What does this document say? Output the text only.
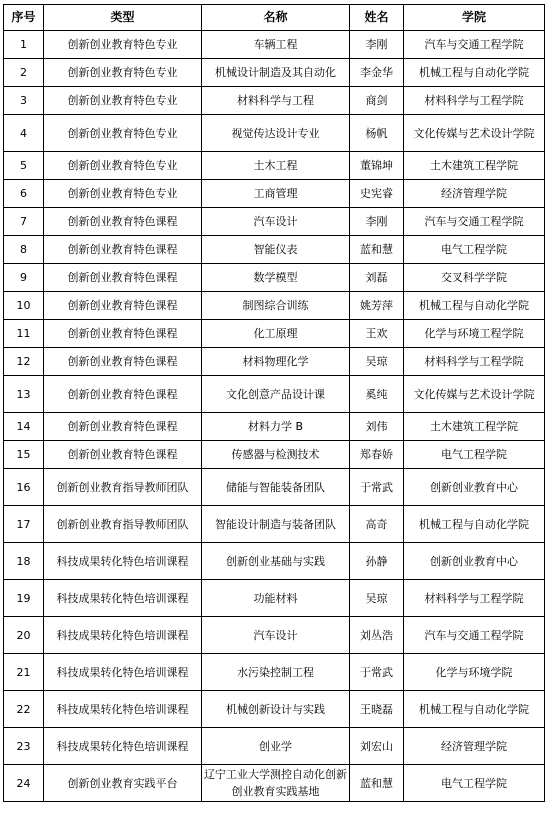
序号	类型	名称	姓名	学院
1	创新创业教育特色专业	车辆工程	李刚	汽车与交通工程学院
2	创新创业教育特色专业	机械设计制造及其自动化	李金华	机械工程与自动化学院
3	创新创业教育特色专业	材料科学与工程	商剑	材料科学与工程学院
4	创新创业教育特色专业	视觉传达设计专业	杨帆	文化传媒与艺术设计学院
5	创新创业教育特色专业	土木工程	董锦坤	土木建筑工程学院
6	创新创业教育特色专业	工商管理	史宪睿	经济管理学院
7	创新创业教育特色课程	汽车设计	李刚	汽车与交通工程学院
8	创新创业教育特色课程	智能仪表	蓝和慧	电气工程学院
9	创新创业教育特色课程	数学模型	刘磊	交叉科学学院
10	创新创业教育特色课程	制图综合训练	姚芳萍	机械工程与自动化学院
11	创新创业教育特色课程	化工原理	王欢	化学与环境工程学院
12	创新创业教育特色课程	材料物理化学	吴琼	材料科学与工程学院
13	创新创业教育特色课程	文化创意产品设计课	奚纯	文化传媒与艺术设计学院
14	创新创业教育特色课程	材料力学 B	刘伟	土木建筑工程学院
15	创新创业教育特色课程	传感器与检测技术	郑春娇	电气工程学院
16	创新创业教育指导教师团队	储能与智能装备团队	于常武	创新创业教育中心
17	创新创业教育指导教师团队	智能设计制造与装备团队	高奇	机械工程与自动化学院
18	科技成果转化特色培训课程	创新创业基础与实践	孙静	创新创业教育中心
19	科技成果转化特色培训课程	功能材料	吴琼	材料科学与工程学院
20	科技成果转化特色培训课程	汽车设计	刘丛浩	汽车与交通工程学院
21	科技成果转化特色培训课程	水污染控制工程	于常武	化学与环境学院
22	科技成果转化特色培训课程	机械创新设计与实践	王晓磊	机械工程与自动化学院
23	科技成果转化特色培训课程	创业学	刘宏山	经济管理学院
24	创新创业教育实践平台	辽宁工业大学测控自动化创新创业教育实践基地	蓝和慧	电气工程学院
